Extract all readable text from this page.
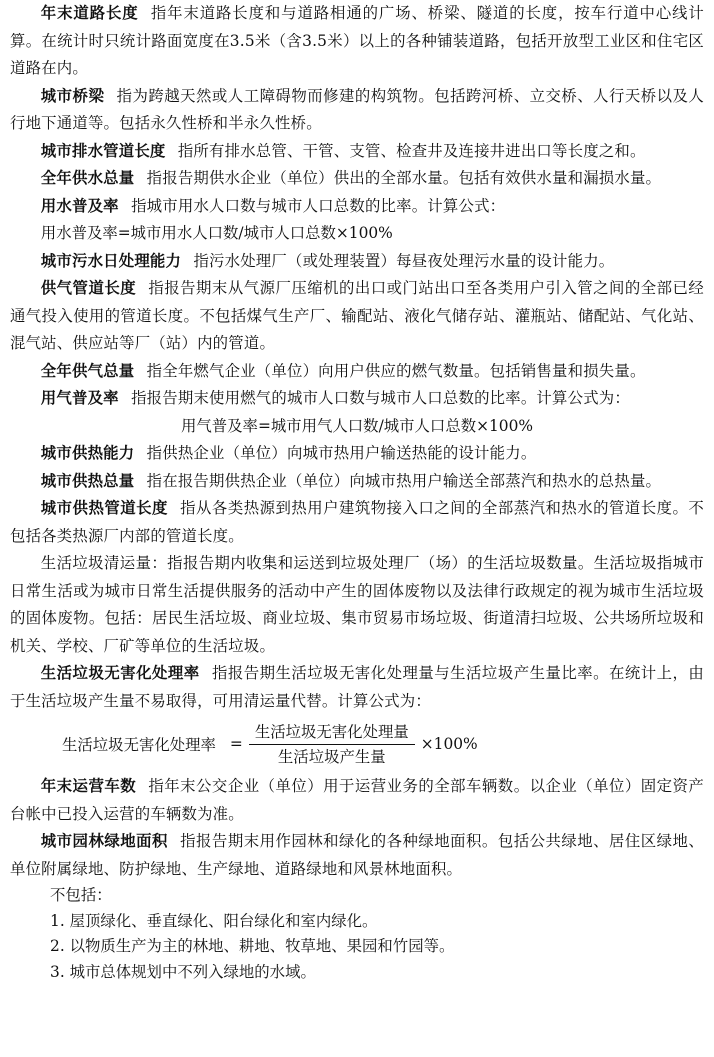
年末道路长度 指年末道路长度和与道路相通的广场、桥梁、隧道的长度，按车行道中心线计算。在统计时只统计路面宽度在3.5米（含3.5米）以上的各种铺装道路，包括开放型工业区和住宅区道路在内。

城市桥梁 指为跨越天然或人工障碍物而修建的构筑物。包括跨河桥、立交桥、人行天桥以及人行地下通道等。包括永久性桥和半永久性桥。

城市排水管道长度 指所有排水总管、干管、支管、检查井及连接井进出口等长度之和。

全年供水总量 指报告期供水企业（单位）供出的全部水量。包括有效供水量和漏损水量。

用水普及率 指城市用水人口数与城市人口总数的比率。计算公式：

用水普及率=城市用水人口数/城市人口总数×100%

城市污水日处理能力 指污水处理厂（或处理装置）每昼夜处理污水量的设计能力。

供气管道长度 指报告期末从气源厂压缩机的出口或门站出口至各类用户引入管之间的全部已经通气投入使用的管道长度。不包括煤气生产厂、输配站、液化气储存站、灌瓶站、储配站、气化站、混气站、供应站等厂（站）内的管道。

全年供气总量 指全年燃气企业（单位）向用户供应的燃气数量。包括销售量和损失量。

用气普及率 指报告期末使用燃气的城市人口数与城市人口总数的比率。计算公式为：

用气普及率=城市用气人口数/城市人口总数×100%

城市供热能力 指供热企业（单位）向城市热用户输送热能的设计能力。

城市供热总量 指在报告期供热企业（单位）向城市热用户输送全部蒸汽和热水的总热量。

城市供热管道长度 指从各类热源到热用户建筑物接入口之间的全部蒸汽和热水的管道长度。不包括各类热源厂内部的管道长度。

生活垃圾清运量：指报告期内收集和运送到垃圾处理厂（场）的生活垃圾数量。生活垃圾指城市日常生活或为城市日常生活提供服务的活动中产生的固体废物以及法律行政规定的视为城市生活垃圾的固体废物。包括：居民生活垃圾、商业垃圾、集市贸易市场垃圾、街道清扫垃圾、公共场所垃圾和机关、学校、厂矿等单位的生活垃圾。

生活垃圾无害化处理率 指报告期生活垃圾无害化处理量与生活垃圾产生量比率。在统计上，由于生活垃圾产生量不易取得，可用清运量代替。计算公式为：

生活垃圾无害化处理率 = $\frac{\text{生活垃圾无害化处理量}}{\text{生活垃圾产生量}} \times 100\%$

年末运营车数 指年末公交企业（单位）用于运营业务的全部车辆数。以企业（单位）固定资产台帐中已投入运营的车辆数为准。

城市园林绿地面积 指报告期末用作园林和绿化的各种绿地面积。包括公共绿地、居住区绿地、单位附属绿地、防护绿地、生产绿地、道路绿地和风景林地面积。

不包括：

1. 屋顶绿化、垂直绿化、阳台绿化和室内绿化。

2. 以物质生产为主的林地、耕地、牧草地、果园和竹园等。

3. 城市总体规划中不列入绿地的水域。
